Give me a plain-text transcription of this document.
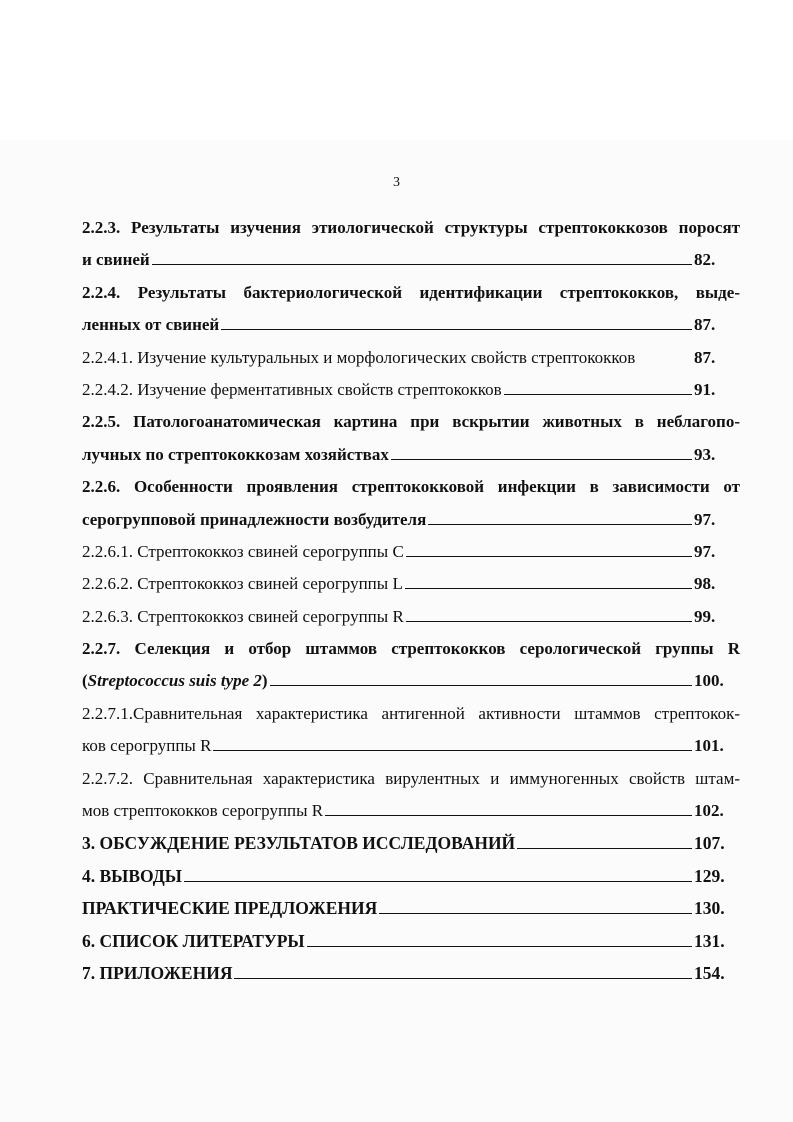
3
2.2.3. Результаты изучения этиологической структуры стрептококкозов поросят
и свиней	82.
2.2.4. Результаты бактериологической идентификации стрептококков, выде-
ленных от свиней	87.
2.2.4.1. Изучение культуральных и морфологических свойств стрептококков	87.
2.2.4.2. Изучение ферментативных свойств стрептококков	91.
2.2.5. Патологоанатомическая картина при вскрытии животных в неблагопо-
лучных по стрептококкозам хозяйствах	93.
2.2.6. Особенности проявления стрептококковой инфекции в зависимости от
серогрупповой принадлежности возбудителя	97.
2.2.6.1. Стрептококкоз свиней серогруппы С	97.
2.2.6.2. Стрептококкоз свиней серогруппы L	98.
2.2.6.3. Стрептококкоз свиней серогруппы R	99.
2.2.7. Селекция и отбор штаммов стрептококков серологической группы R
(Streptococcus suis type 2)	100.
2.2.7.1.Сравнительная характеристика антигенной активности штаммов стрептокок-
ков серогруппы R	101.
2.2.7.2. Сравнительная характеристика вирулентных и иммуногенных свойств штам-
мов стрептококков серогруппы R	102.
3. ОБСУЖДЕНИЕ РЕЗУЛЬТАТОВ ИССЛЕДОВАНИЙ	107.
4. ВЫВОДЫ	129.
ПРАКТИЧЕСКИЕ ПРЕДЛОЖЕНИЯ	130.
6. СПИСОК ЛИТЕРАТУРЫ	131.
7. ПРИЛОЖЕНИЯ	154.
